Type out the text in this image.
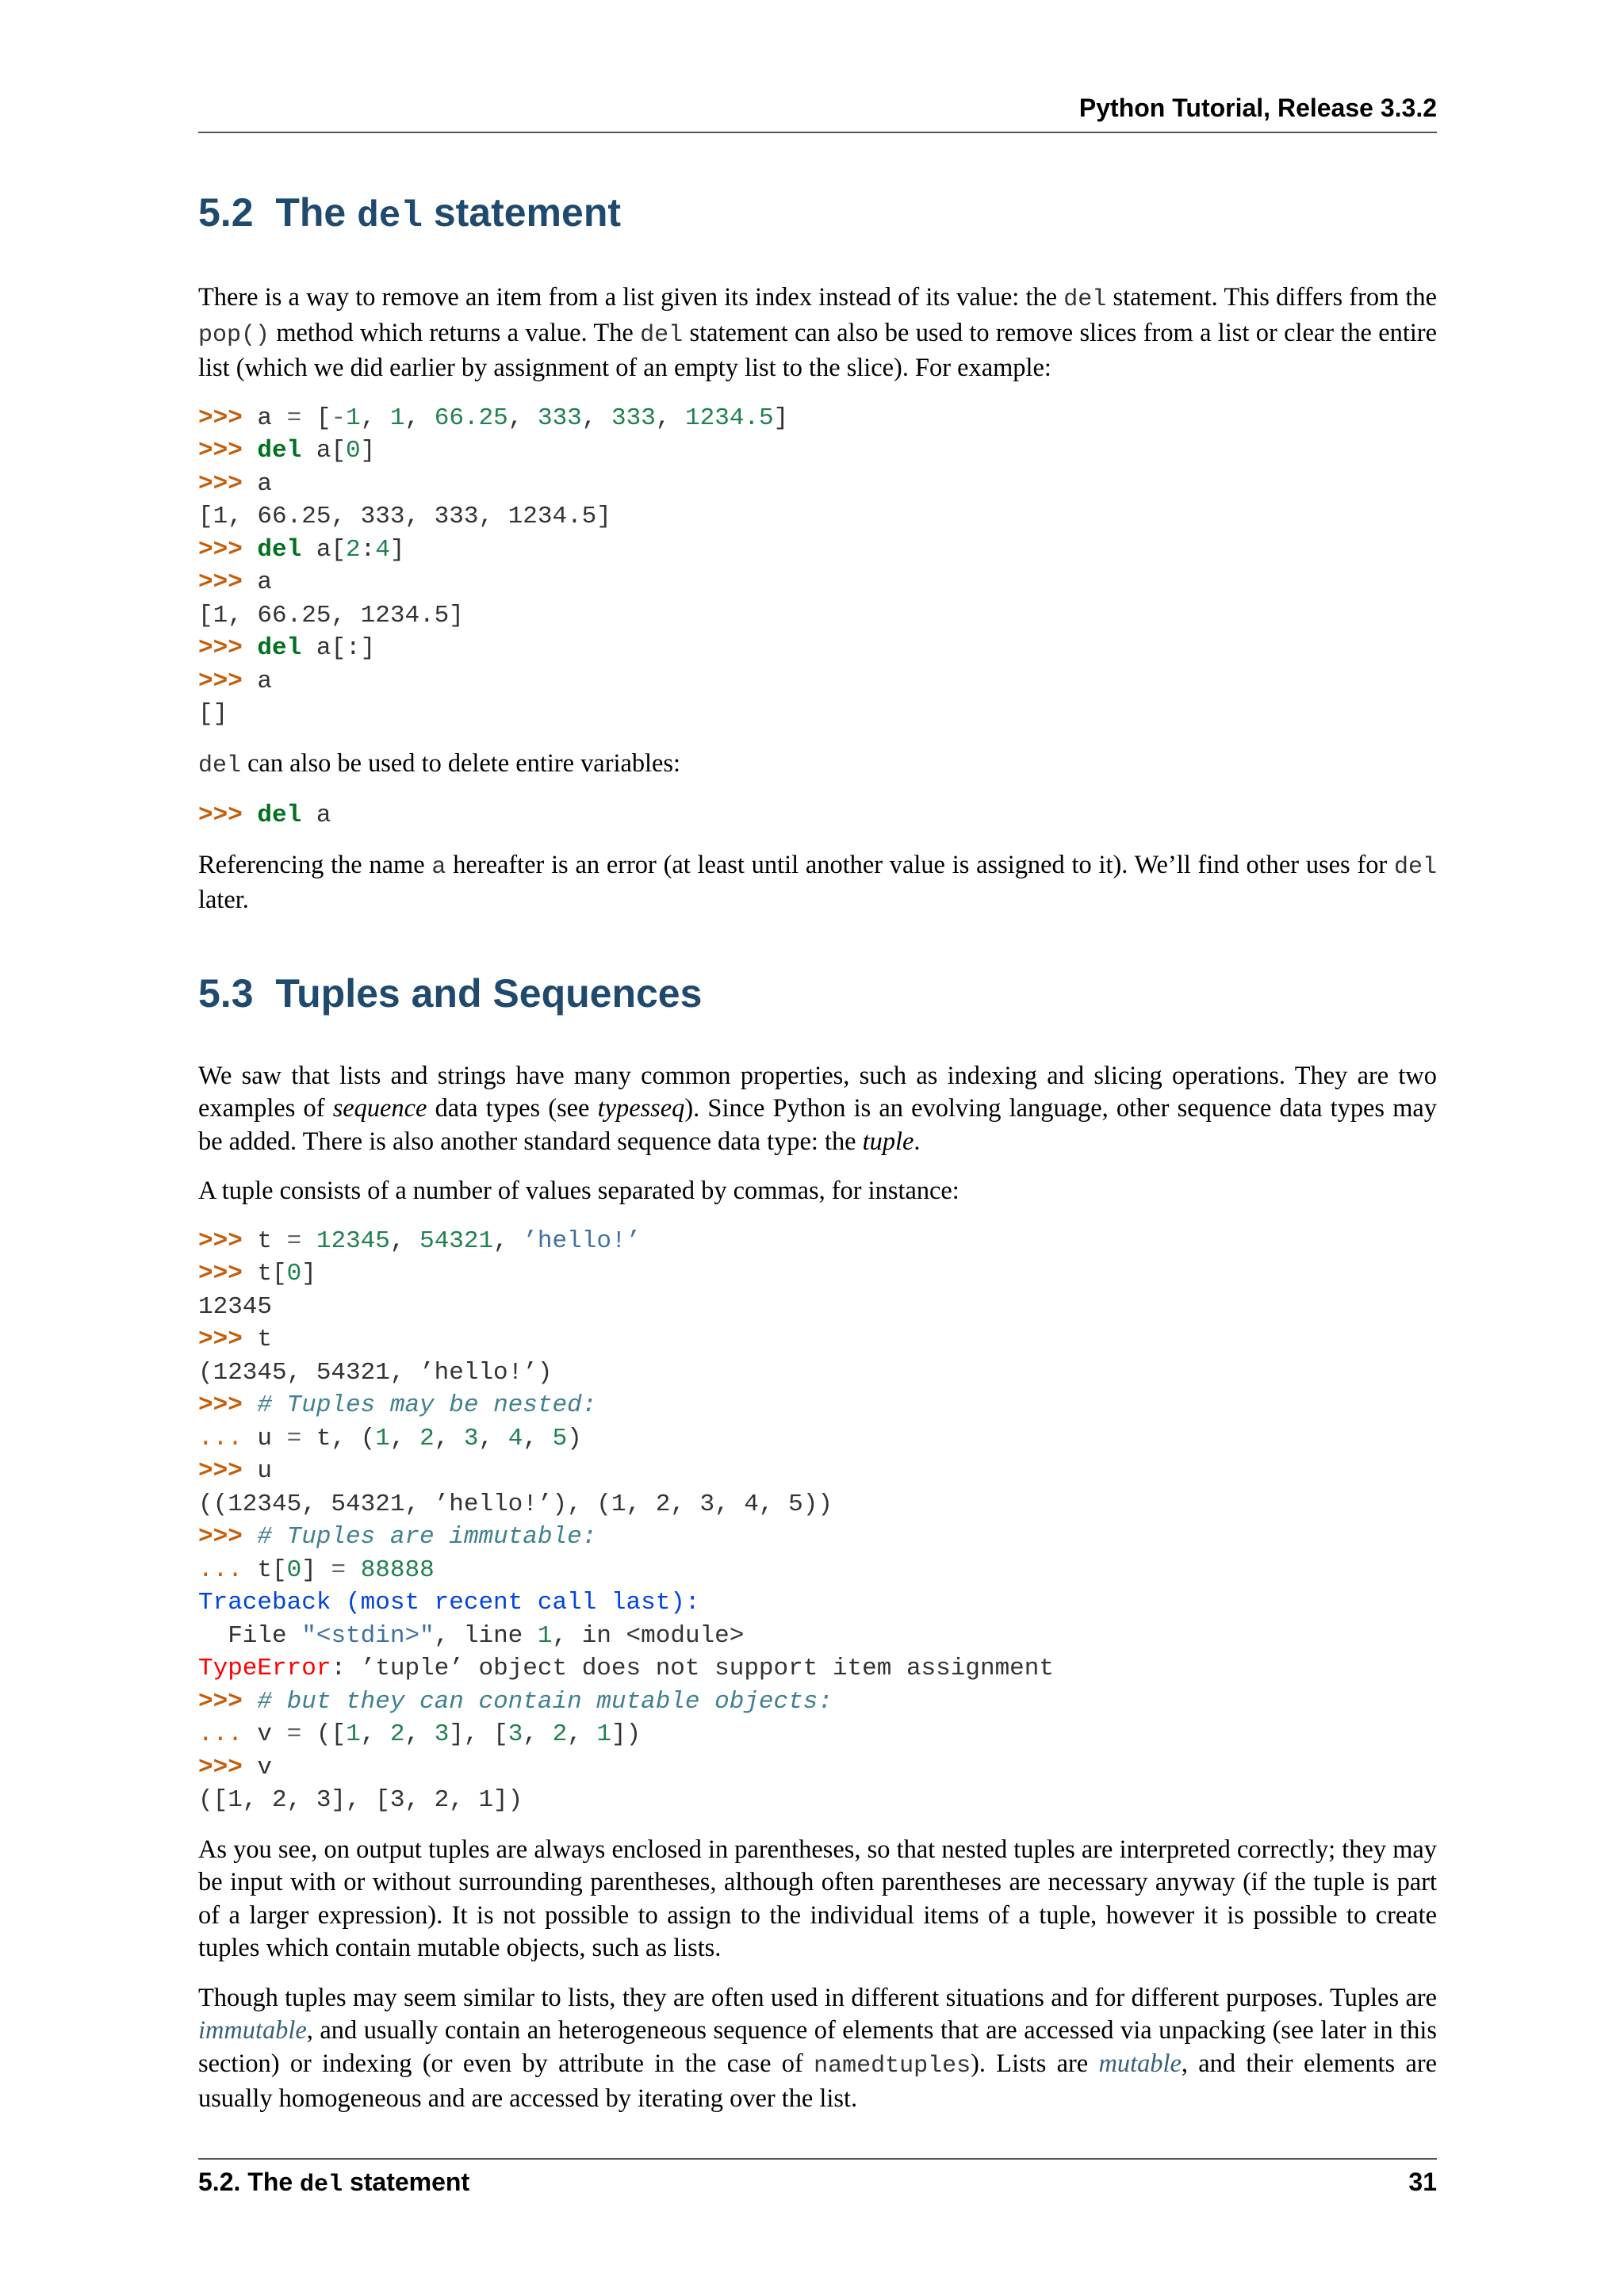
Python Tutorial, Release 3.3.2
5.2 The del statement

There is a way to remove an item from a list given its index instead of its value: the del statement. This differs from the pop() method which returns a value. The del statement can also be used to remove slices from a list or clear the entire list (which we did earlier by assignment of an empty list to the slice). For example:

>>> a = [-1, 1, 66.25, 333, 333, 1234.5]
>>> del a[0]
>>> a
[1, 66.25, 333, 333, 1234.5]
>>> del a[2:4]
>>> a
[1, 66.25, 1234.5]
>>> del a[:]
>>> a
[]

del can also be used to delete entire variables:

>>> del a

Referencing the name a hereafter is an error (at least until another value is assigned to it). We’ll find other uses for del later.

5.3 Tuples and Sequences

We saw that lists and strings have many common properties, such as indexing and slicing operations. They are two examples of sequence data types (see typesseq). Since Python is an evolving language, other sequence data types may be added. There is also another standard sequence data type: the tuple.

A tuple consists of a number of values separated by commas, for instance:

>>> t = 12345, 54321, ’hello!’
>>> t[0]
12345
>>> t
(12345, 54321, ’hello!’)
>>> # Tuples may be nested:
... u = t, (1, 2, 3, 4, 5)
>>> u
((12345, 54321, ’hello!’), (1, 2, 3, 4, 5))
>>> # Tuples are immutable:
... t[0] = 88888
Traceback (most recent call last):
File "<stdin>", line 1, in <module>
TypeError: ’tuple’ object does not support item assignment
>>> # but they can contain mutable objects:
... v = ([1, 2, 3], [3, 2, 1])
>>> v
([1, 2, 3], [3, 2, 1])

As you see, on output tuples are always enclosed in parentheses, so that nested tuples are interpreted correctly; they may be input with or without surrounding parentheses, although often parentheses are necessary anyway (if the tuple is part of a larger expression). It is not possible to assign to the individual items of a tuple, however it is possible to create tuples which contain mutable objects, such as lists.

Though tuples may seem similar to lists, they are often used in different situations and for different purposes. Tuples are immutable, and usually contain an heterogeneous sequence of elements that are accessed via unpacking (see later in this section) or indexing (or even by attribute in the case of namedtuples). Lists are mutable, and their elements are usually homogeneous and are accessed by iterating over the list.

5.2. The del statement	31
